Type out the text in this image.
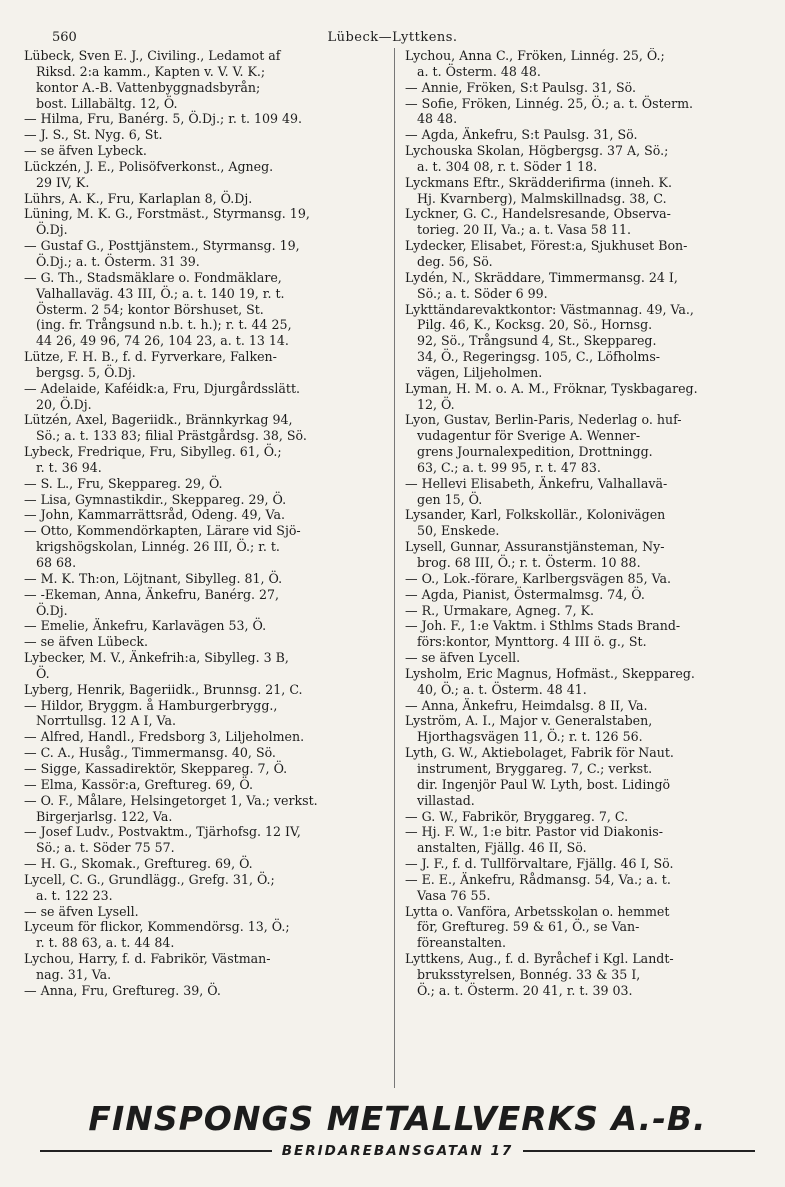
560	Lübeck—Lyttkens.
Lübeck, Sven E. J., Civiling., Ledamot af
Riksd. 2:a kamm., Kapten v. V. V. K.;
kontor A.-B. Vattenbyggnadsbyrån;
bost. Lillabältg. 12, Ö.
— Hilma, Fru, Banérg. 5, Ö.Dj.; r. t. 109 49.
— J. S., St. Nyg. 6, St.
— se äfven Lybeck.
Lückzén, J. E., Polisöfverkonst., Agneg.
29 IV, K.
Lührs, A. K., Fru, Karlaplan 8, Ö.Dj.
Lüning, M. K. G., Forstmäst., Styrmansg. 19,
Ö.Dj.
— Gustaf G., Posttjänstem., Styrmansg. 19,
Ö.Dj.; a. t. Österm. 31 39.
— G. Th., Stadsmäklare o. Fondmäklare,
Valhallaväg. 43 III, Ö.; a. t. 140 19, r. t.
Österm. 2 54; kontor Börshuset, St.
(ing. fr. Trångsund n.b. t. h.); r. t. 44 25,
44 26, 49 96, 74 26, 104 23, a. t. 13 14.
Lütze, F. H. B., f. d. Fyrverkare, Falken-
bergsg. 5, Ö.Dj.
— Adelaide, Kaféidk:a, Fru, Djurgårdsslätt.
20, Ö.Dj.
Lützén, Axel, Bageriidk., Brännkyrkag 94,
Sö.; a. t. 133 83; filial Prästgårdsg. 38, Sö.
Lybeck, Fredrique, Fru, Sibylleg. 61, Ö.;
r. t. 36 94.
— S. L., Fru, Skeppareg. 29, Ö.
— Lisa, Gymnastikdir., Skeppareg. 29, Ö.
— John, Kammarrättsråd, Odeng. 49, Va.
— Otto, Kommendörkapten, Lärare vid Sjö-
krigshögskolan, Linnég. 26 III, Ö.; r. t.
68 68.
— M. K. Th:on, Löjtnant, Sibylleg. 81, Ö.
— -Ekeman, Anna, Änkefru, Banérg. 27,
Ö.Dj.
— Emelie, Änkefru, Karlavägen 53, Ö.
— se äfven Lübeck.
Lybecker, M. V., Änkefrih:a, Sibylleg. 3 B,
Ö.
Lyberg, Henrik, Bageriidk., Brunnsg. 21, C.
— Hildor, Bryggm. å Hamburgerbrygg.,
Norrtullsg. 12 A I, Va.
— Alfred, Handl., Fredsborg 3, Liljeholmen.
— C. A., Husåg., Timmermansg. 40, Sö.
— Sigge, Kassadirektör, Skeppareg. 7, Ö.
— Elma, Kassör:a, Greftureg. 69, Ö.
— O. F., Målare, Helsingetorget 1, Va.; verkst.
Birgerjarlsg. 122, Va.
— Josef Ludv., Postvaktm., Tjärhofsg. 12 IV,
Sö.; a. t. Söder 75 57.
— H. G., Skomak., Greftureg. 69, Ö.
Lycell, C. G., Grundlägg., Grefg. 31, Ö.;
a. t. 122 23.
— se äfven Lysell.
Lyceum för flickor, Kommendörsg. 13, Ö.;
r. t. 88 63, a. t. 44 84.
Lychou, Harry, f. d. Fabrikör, Västman-
nag. 31, Va.
— Anna, Fru, Greftureg. 39, Ö.
Lychou, Anna C., Fröken, Linnég. 25, Ö.;
a. t. Österm. 48 48.
— Annie, Fröken, S:t Paulsg. 31, Sö.
— Sofie, Fröken, Linnég. 25, Ö.; a. t. Österm.
48 48.
— Agda, Änkefru, S:t Paulsg. 31, Sö.
Lychouska Skolan, Högbergsg. 37 A, Sö.;
a. t. 304 08, r. t. Söder 1 18.
Lyckmans Eftr., Skrädderifirma (inneh. K.
Hj. Kvarnberg), Malmskillnadsg. 38, C.
Lyckner, G. C., Handelsresande, Observa-
torieg. 20 II, Va.; a. t. Vasa 58 11.
Lydecker, Elisabet, Förest:a, Sjukhuset Bon-
deg. 56, Sö.
Lydén, N., Skräddare, Timmermansg. 24 I,
Sö.; a. t. Söder 6 99.
Lykttändarevaktkontor: Västmannag. 49, Va.,
Pilg. 46, K., Kocksg. 20, Sö., Hornsg.
92, Sö., Trångsund 4, St., Skeppareg.
34, Ö., Regeringsg. 105, C., Löfholms-
vägen, Liljeholmen.
Lyman, H. M. o. A. M., Fröknar, Tyskbagareg.
12, Ö.
Lyon, Gustav, Berlin-Paris, Nederlag o. huf-
vudagentur för Sverige A. Wenner-
grens Journalexpedition, Drottningg.
63, C.; a. t. 99 95, r. t. 47 83.
— Hellevi Elisabeth, Änkefru, Valhallavä-
gen 15, Ö.
Lysander, Karl, Folkskollär., Kolonivägen
50, Enskede.
Lysell, Gunnar, Assuranstjänsteman, Ny-
brog. 68 III, Ö.; r. t. Österm. 10 88.
— O., Lok.-förare, Karlbergsvägen 85, Va.
— Agda, Pianist, Östermalmsg. 74, Ö.
— R., Urmakare, Agneg. 7, K.
— Joh. F., 1:e Vaktm. i Sthlms Stads Brand-
förs:kontor, Mynttorg. 4 III ö. g., St.
— se äfven Lycell.
Lysholm, Eric Magnus, Hofmäst., Skeppareg.
40, Ö.; a. t. Österm. 48 41.
— Anna, Änkefru, Heimdalsg. 8 II, Va.
Lyström, A. I., Major v. Generalstaben,
Hjorthagsvägen 11, Ö.; r. t. 126 56.
Lyth, G. W., Aktiebolaget, Fabrik för Naut.
instrument, Bryggareg. 7, C.; verkst.
dir. Ingenjör Paul W. Lyth, bost. Lidingö
villastad.
— G. W., Fabrikör, Bryggareg. 7, C.
— Hj. F. W., 1:e bitr. Pastor vid Diakonis-
anstalten, Fjällg. 46 II, Sö.
— J. F., f. d. Tullförvaltare, Fjällg. 46 I, Sö.
— E. E., Änkefru, Rådmansg. 54, Va.; a. t.
Vasa 76 55.
Lytta o. Vanföra, Arbetsskolan o. hemmet
för, Greftureg. 59 & 61, Ö., se Van-
föreanstalten.
Lyttkens, Aug., f. d. Byråchef i Kgl. Landt-
bruksstyrelsen, Bonnég. 33 & 35 I,
Ö.; a. t. Österm. 20 41, r. t. 39 03.
FINSPONGS METALLVERKS A.-B.
BERIDAREBANSGATAN 17
